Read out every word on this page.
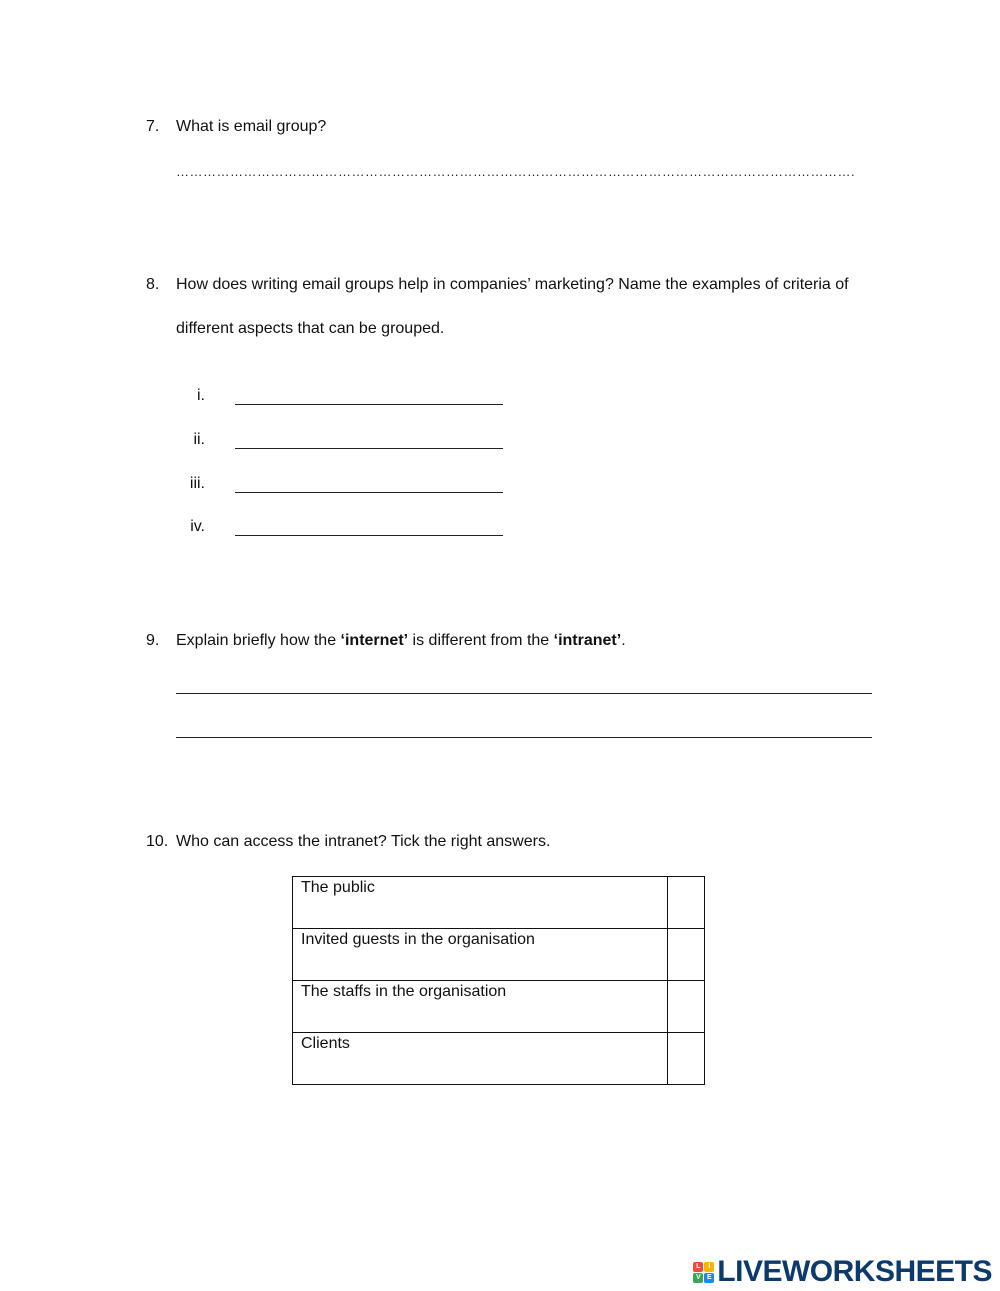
7. What is email group?
…………………………………………………………………………………………………………………………………….
8. How does writing email groups help in companies’ marketing? Name the examples of criteria of
different aspects that can be grouped.
i.
ii.
iii.
iv.
9. Explain briefly how the ‘internet’ is different from the ‘intranet’.
10. Who can access the intranet? Tick the right answers.
The public	
Invited guests in the organisation	
The staffs in the organisation	
Clients	
L	I
V E LIVEWORKSHEETS
